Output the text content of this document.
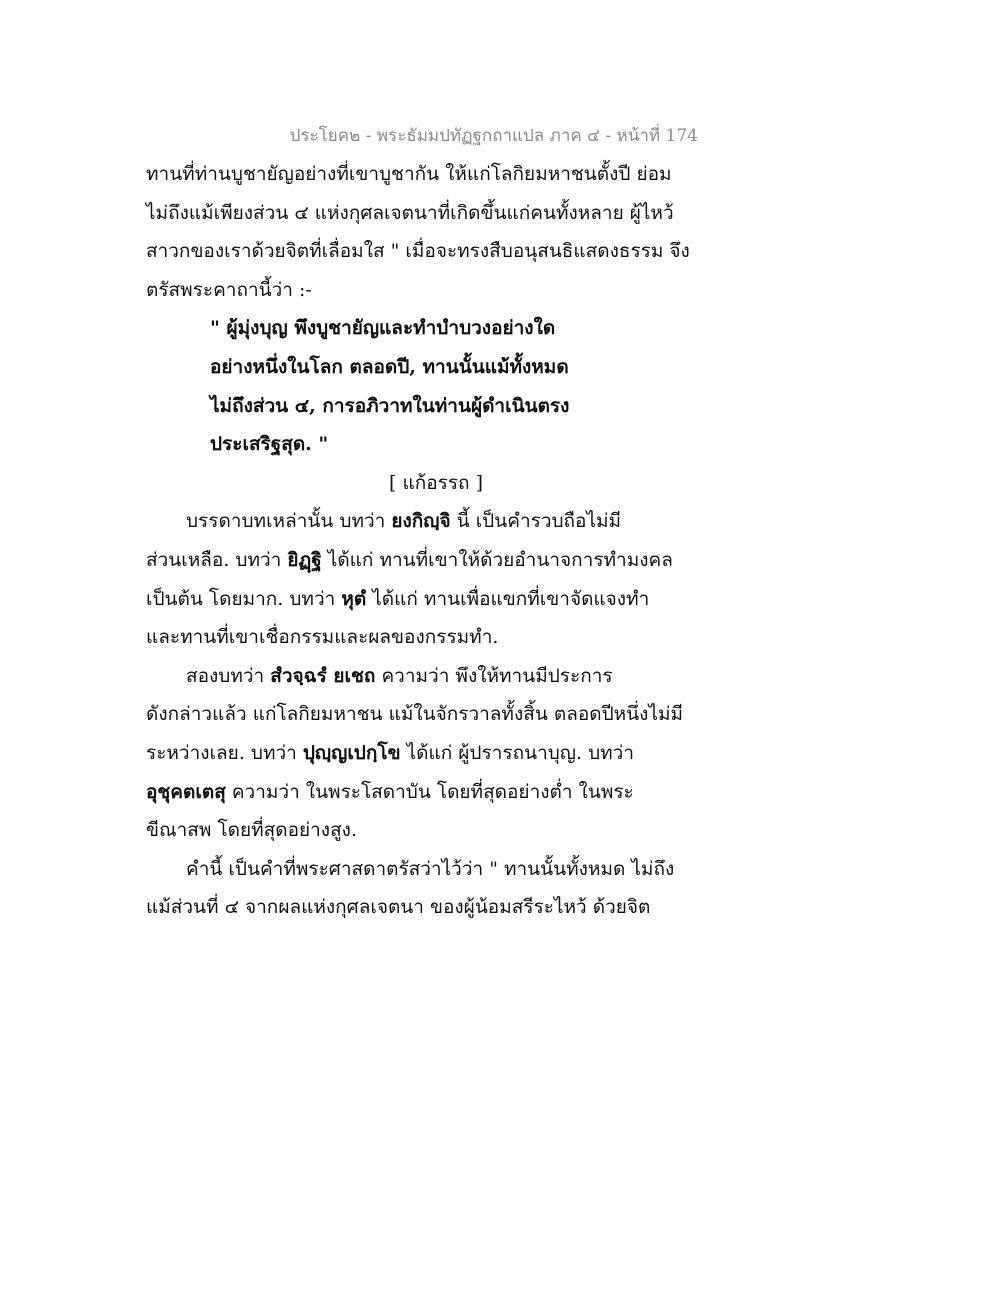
ประโยค๒ - พระธัมมปทัฏฐกถาแปล ภาค ๔ - หน้าที่ 174
ทานที่ท่านบูชายัญอย่างที่เขาบูชากัน ให้แก่โลกิยมหาชนตั้งปี ย่อม
ไม่ถึงแม้เพียงส่วน ๔ แห่งกุศลเจตนาที่เกิดขึ้นแก่คนทั้งหลาย ผู้ไหว้
สาวกของเราด้วยจิตที่เลื่อมใส " เมื่อจะทรงสืบอนุสนธิแสดงธรรม จึง
ตรัสพระคาถานี้ว่า :-
" ผู้มุ่งบุญ พึงบูชายัญและทำบำบวงอย่างใด
อย่างหนึ่งในโลก ตลอดปี, ทานนั้นแม้ทั้งหมด
ไม่ถึงส่วน ๔, การอภิวาทในท่านผู้ดำเนินตรง
ประเสริฐสุด. "
[ แก้อรรถ ]
บรรดาบทเหล่านั้น บทว่า ยงกิญฺจิ นี้ เป็นคำรวบถือไม่มี
ส่วนเหลือ. บทว่า ยิฏฺฐิ ได้แก่ ทานที่เขาให้ด้วยอำนาจการทำมงคล
เป็นต้น โดยมาก. บทว่า หุตํ ได้แก่ ทานเพื่อแขกที่เขาจัดแจงทำ
และทานที่เขาเชื่อกรรมและผลของกรรมทำ.
สองบทว่า สํวจฺฉรํ ยเชถ ความว่า พึงให้ทานมีประการ
ดังกล่าวแล้ว แก่โลกิยมหาชน แม้ในจักรวาลทั้งสิ้น ตลอดปีหนึ่งไม่มี
ระหว่างเลย. บทว่า ปุญฺญเปกฺโข ได้แก่ ผู้ปรารถนาบุญ. บทว่า
อุชุคตเตสุ ความว่า ในพระโสดาบัน โดยที่สุดอย่างต่ำ ในพระ
ขีณาสพ โดยที่สุดอย่างสูง.
คำนี้ เป็นคำที่พระศาสดาตรัสว่าไว้ว่า " ทานนั้นทั้งหมด ไม่ถึง
แม้ส่วนที่ ๔ จากผลแห่งกุศลเจตนา ของผู้น้อมสรีระไหว้ ด้วยจิต
